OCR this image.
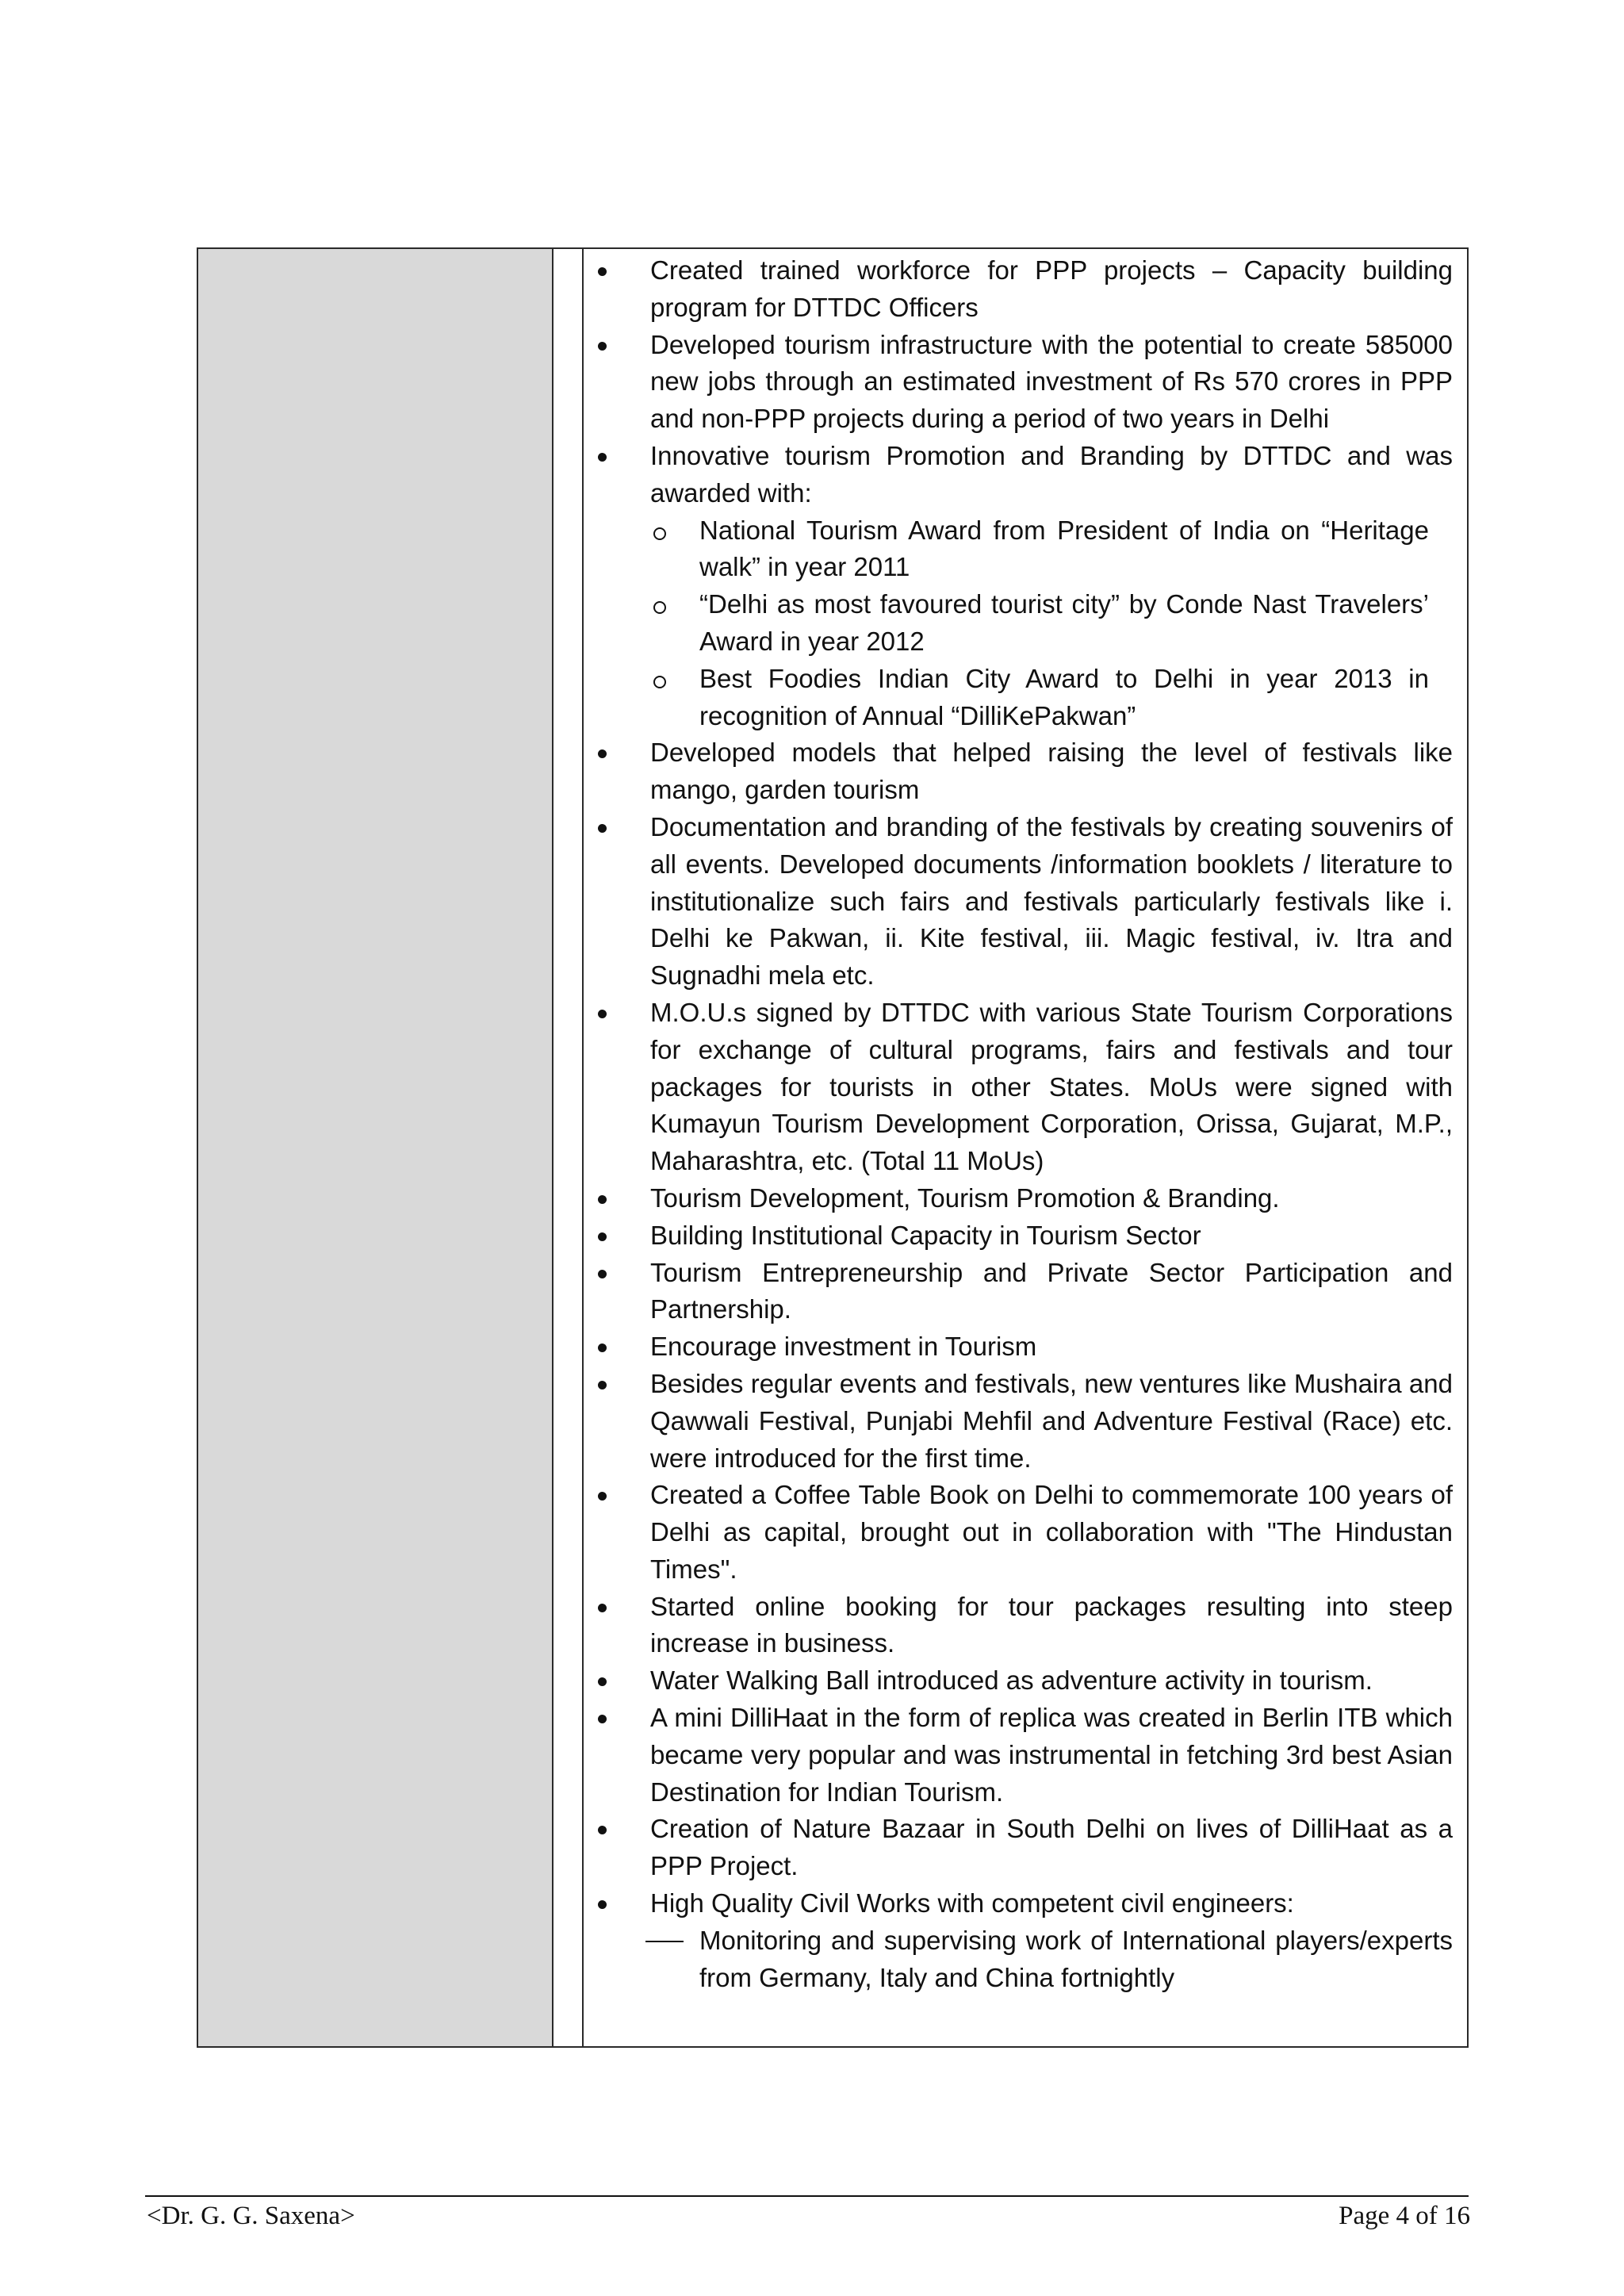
Created trained workforce for PPP projects – Capacity building program for DTTDC Officers
Developed tourism infrastructure with the potential to create 585000 new jobs through an estimated investment of Rs 570 crores in PPP and non-PPP projects during a period of two years in Delhi
Innovative tourism Promotion and Branding by DTTDC and was awarded with:
National Tourism Award from President of India on “Heritage walk” in year 2011
“Delhi as most favoured tourist city” by Conde Nast Travelers’ Award in year 2012
Best Foodies Indian City Award to Delhi in year 2013 in recognition of Annual “DilliKePakwan”
Developed models that helped raising the level of festivals like mango, garden tourism
Documentation and branding of the festivals by creating souvenirs of all events. Developed documents /information booklets / literature to institutionalize such fairs and festivals particularly festivals like i. Delhi ke Pakwan, ii. Kite festival, iii. Magic festival, iv. Itra and Sugnadhi mela etc.
M.O.U.s signed by DTTDC with various State Tourism Corporations for exchange of cultural programs, fairs and festivals and tour packages for tourists in other States. MoUs were signed with Kumayun Tourism Development Corporation, Orissa, Gujarat, M.P., Maharashtra, etc. (Total 11 MoUs)
Tourism Development, Tourism Promotion & Branding.
Building Institutional Capacity in Tourism Sector
Tourism Entrepreneurship and Private Sector Participation and Partnership.
Encourage investment in Tourism
Besides regular events and festivals, new ventures like Mushaira and Qawwali Festival, Punjabi Mehfil and Adventure Festival (Race) etc. were introduced for the first time.
Created a Coffee Table Book on Delhi to commemorate 100 years of Delhi as capital, brought out in collaboration with "The Hindustan Times".
Started online booking for tour packages resulting into steep increase in business.
Water Walking Ball introduced as adventure activity in tourism.
A mini DilliHaat in the form of replica was created in Berlin ITB which became very popular and was instrumental in fetching 3rd best Asian Destination for Indian Tourism.
Creation of Nature Bazaar in South Delhi on lives of DilliHaat as a PPP Project.
High Quality Civil Works with competent civil engineers:
Monitoring and supervising work of International players/experts from Germany, Italy and China fortnightly
<Dr. G. G. Saxena>	Page 4 of 16
